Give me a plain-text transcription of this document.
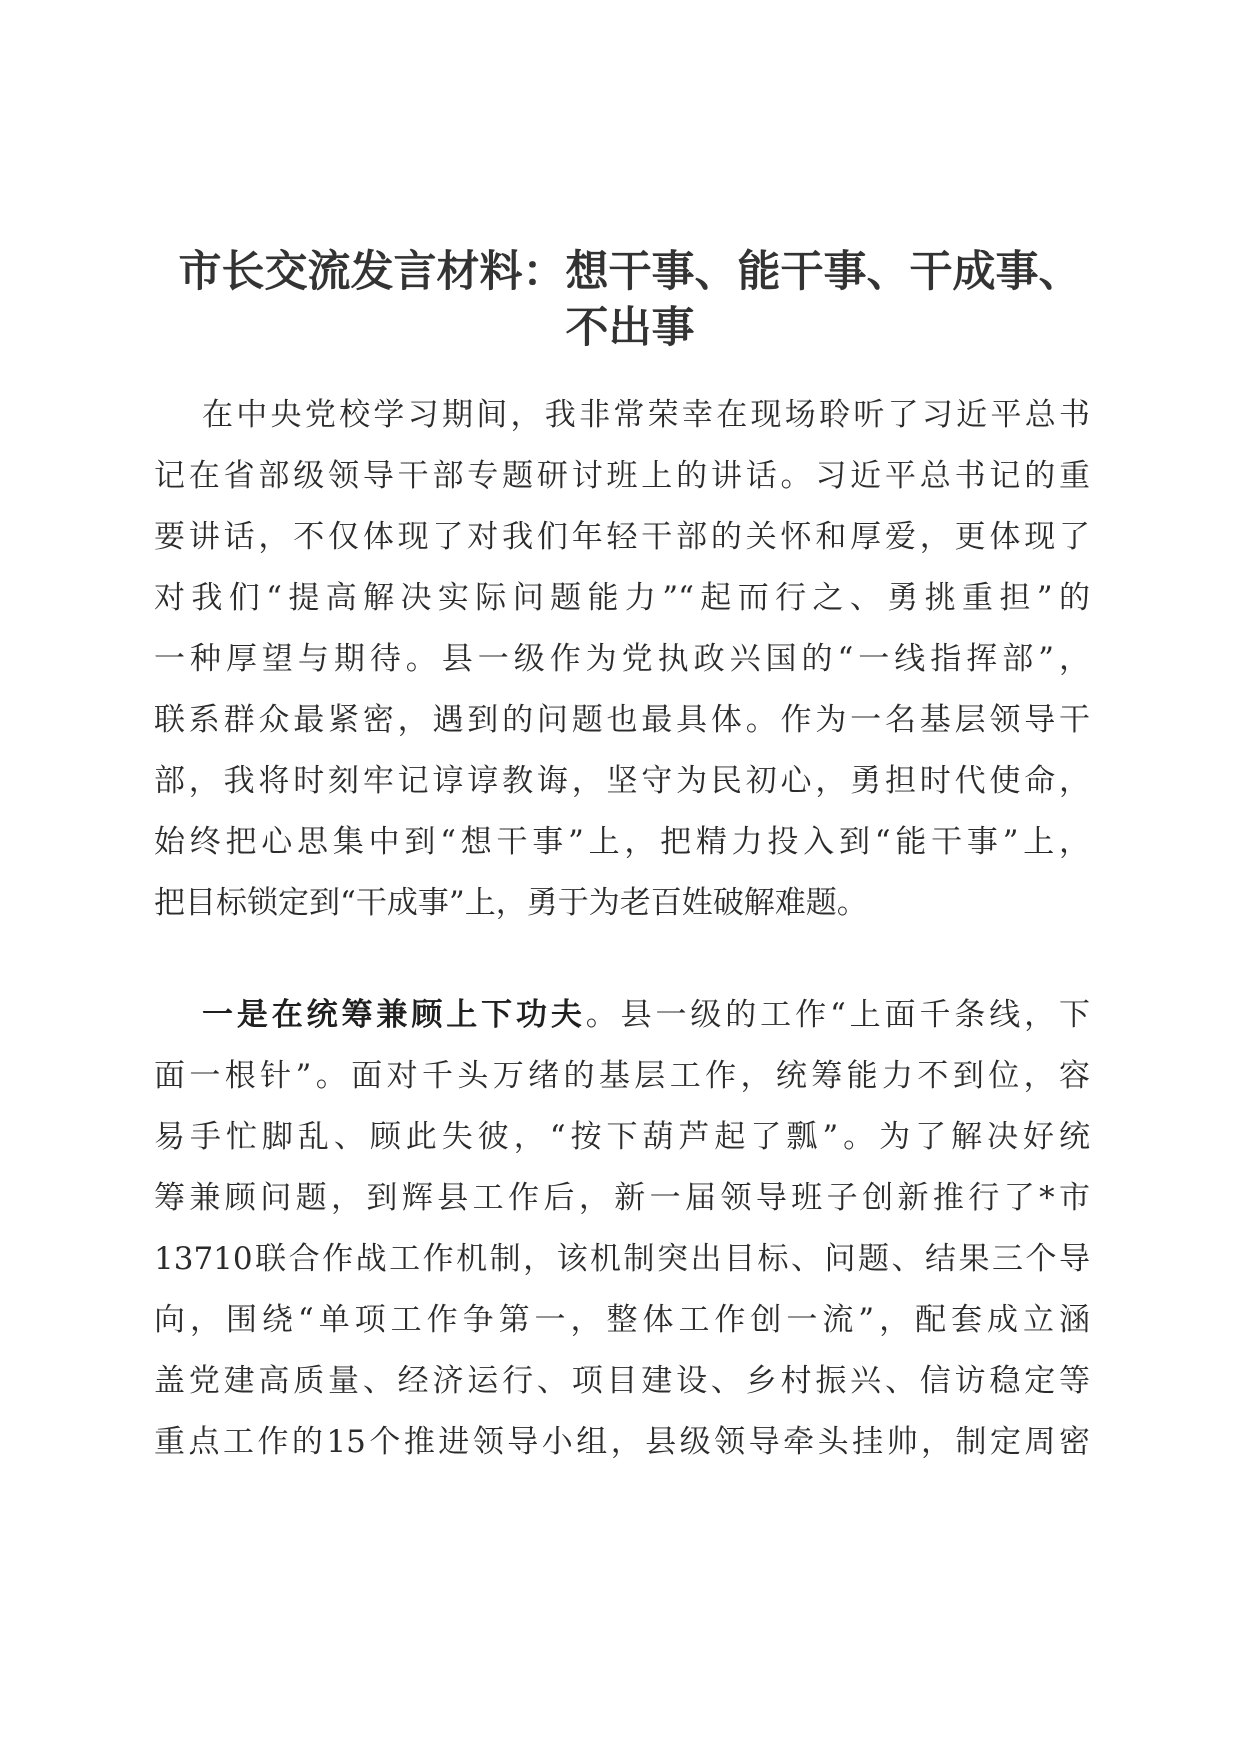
市长交流发言材料：想干事、能干事、干成事、
不出事
在中央党校学习期间，我非常荣幸在现场聆听了习近平总书
记在省部级领导干部专题研讨班上的讲话。习近平总书记的重
要讲话，不仅体现了对我们年轻干部的关怀和厚爱，更体现了
对我们“提高解决实际问题能力”“起而行之、勇挑重担”的
一种厚望与期待。县一级作为党执政兴国的“一线指挥部”，
联系群众最紧密，遇到的问题也最具体。作为一名基层领导干
部，我将时刻牢记谆谆教诲，坚守为民初心，勇担时代使命，
始终把心思集中到“想干事”上，把精力投入到“能干事”上，
把目标锁定到“干成事”上，勇于为老百姓破解难题。
一是在统筹兼顾上下功夫。县一级的工作“上面千条线，下
面一根针”。面对千头万绪的基层工作，统筹能力不到位，容
易手忙脚乱、顾此失彼，“按下葫芦起了瓢”。为了解决好统
筹兼顾问题，到辉县工作后，新一届领导班子创新推行了*市
13710联合作战工作机制，该机制突出目标、问题、结果三个导
向，围绕“单项工作争第一，整体工作创一流”，配套成立涵
盖党建高质量、经济运行、项目建设、乡村振兴、信访稳定等
重点工作的15个推进领导小组，县级领导牵头挂帅，制定周密
